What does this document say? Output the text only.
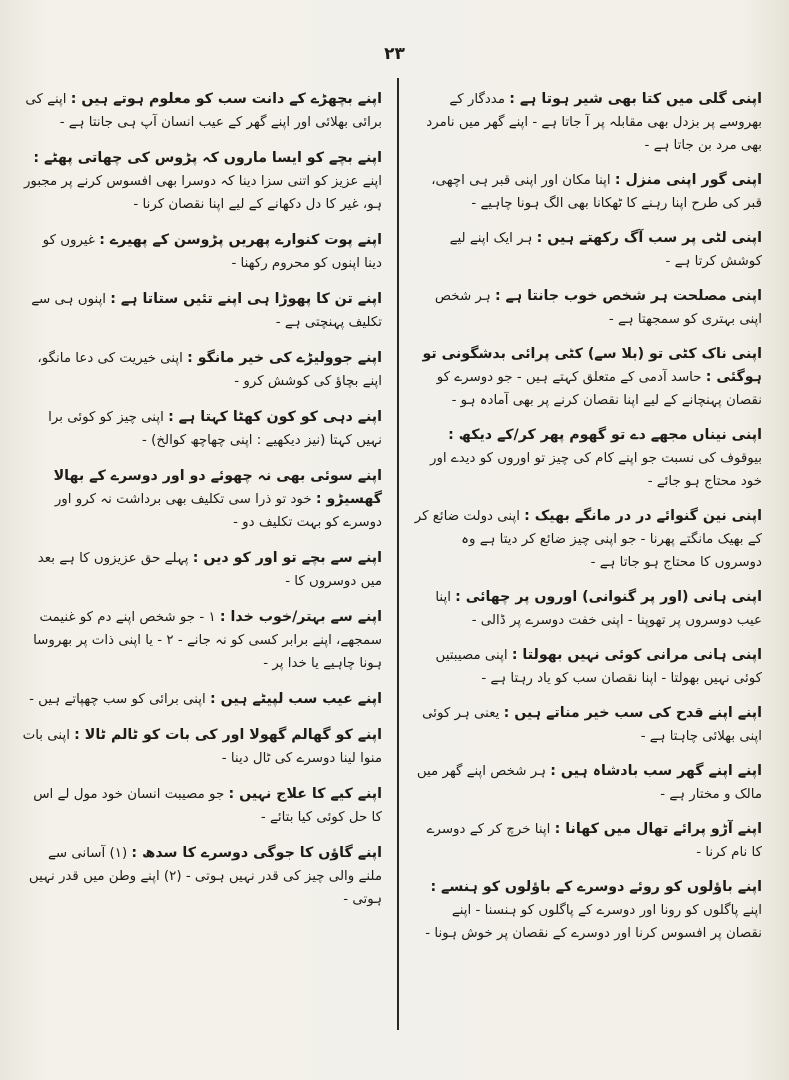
۲۳

اپنی گلی میں کتا بھی شیر ہوتا ہے : مددگار کے بھروسے پر بزدل بھی مقابلہ پر آ جاتا ہے - اپنے گھر میں نامرد بھی مرد بن جاتا ہے -

اپنی گور اپنی منزل : اپنا مکان اور اپنی قبر ہی اچھی، قبر کی طرح اپنا رہنے کا ٹھکانا بھی الگ ہونا چاہیے -

اپنی لٹی پر سب آگ رکھتے ہیں : ہر ایک اپنے لیے کوشش کرتا ہے -

اپنی مصلحت ہر شخص خوب جانتا ہے : ہر شخص اپنی بہتری کو سمجھتا ہے -

اپنی ناک کٹی تو (بلا سے) کٹی پرائی بدشگونی تو ہوگئی : حاسد آدمی کے متعلق کہتے ہیں - جو دوسرے کو نقصان پہنچانے کے لیے اپنا نقصان کرنے پر بھی آمادہ ہو -

اپنی نیناں مجھے دے تو گھوم پھر کر/کے دیکھ : بیوقوف کی نسبت جو اپنے کام کی چیز تو اوروں کو دیدے اور خود محتاج ہو جائے -

اپنی نین گنوائے در در مانگے بھیک : اپنی دولت ضائع کر کے بھیک مانگتے پھرنا - جو اپنی چیز ضائع کر دیتا ہے وہ دوسروں کا محتاج ہو جاتا ہے -

اپنی ہانی (اور پر گنوانی) اوروں پر چھائی : اپنا عیب دوسروں پر تھوپنا - اپنی خفت دوسرے پر ڈالی -

اپنی ہانی مرانی کوئی نہیں بھولتا : اپنی مصیبتیں کوئی نہیں بھولتا - اپنا نقصان سب کو یاد رہتا ہے -

اپنے اپنے قدح کی سب خیر مناتے ہیں : یعنی ہر کوئی اپنی بھلائی چاہتا ہے -

اپنے اپنے گھر سب بادشاہ ہیں : ہر شخص اپنے گھر میں مالک و مختار ہے -

اپنے آڑو پرائے تھال میں کھانا : اپنا خرچ کر کے دوسرے کا نام کرنا -

اپنے باؤلوں کو روئے دوسرے کے باؤلوں کو ہنسے : اپنے پاگلوں کو رونا اور دوسرے کے پاگلوں کو ہنسنا - اپنے نقصان پر افسوس کرنا اور دوسرے کے نقصان پر خوش ہونا -

اپنے بچھڑے کے دانت سب کو معلوم ہوتے ہیں : اپنے کی برائی بھلائی اور اپنے گھر کے عیب انسان آپ ہی جانتا ہے -

اپنے بچے کو ایسا ماروں کہ پڑوس کی چھاتی پھٹے : اپنے عزیز کو اتنی سزا دینا کہ دوسرا بھی افسوس کرنے پر مجبور ہو، غیر کا دل دکھانے کے لیے اپنا نقصان کرنا -

اپنے پوت کنوارے پھریں پڑوسن کے پھیرے : غیروں کو دینا اپنوں کو محروم رکھنا -

اپنے تن کا پھوڑا ہی اپنے تئیں ستاتا ہے : اپنوں ہی سے تکلیف پہنچتی ہے -

اپنے جوولیڑے کی خیر مانگو : اپنی خیریت کی دعا مانگو، اپنے بچاؤ کی کوشش کرو -

اپنے دہی کو کون کھٹا کہتا ہے : اپنی چیز کو کوئی برا نہیں کہتا (نیز دیکھیے : اپنی چھاچھ کوالخ) -

اپنے سوئی بھی نہ چھوئے دو اور دوسرے کے بھالا گھسیڑو : خود تو ذرا سی تکلیف بھی برداشت نہ کرو اور دوسرے کو بہت تکلیف دو -

اپنے سے بچے تو اور کو دیں : پہلے حق عزیزوں کا ہے بعد میں دوسروں کا -

اپنے سے بہتر/خوب خدا : ۱ - جو شخص اپنے دم کو غنیمت سمجھے، اپنے برابر کسی کو نہ جانے - ۲ - یا اپنی ذات پر بھروسا ہونا چاہیے یا خدا پر -

اپنے عیب سب لپیٹے ہیں : اپنی برائی کو سب چھپاتے ہیں -

اپنے کو گھالم گھولا اور کی بات کو ٹالم ٹالا : اپنی بات منوا لینا دوسرے کی ٹال دینا -

اپنے کیے کا علاج نہیں : جو مصیبت انسان خود مول لے اس کا حل کوئی کیا بتائے -

اپنے گاؤں کا جوگی دوسرے کا سدھ : (۱) آسانی سے ملنے والی چیز کی قدر نہیں ہوتی - (۲) اپنے وطن میں قدر نہیں ہوتی -
